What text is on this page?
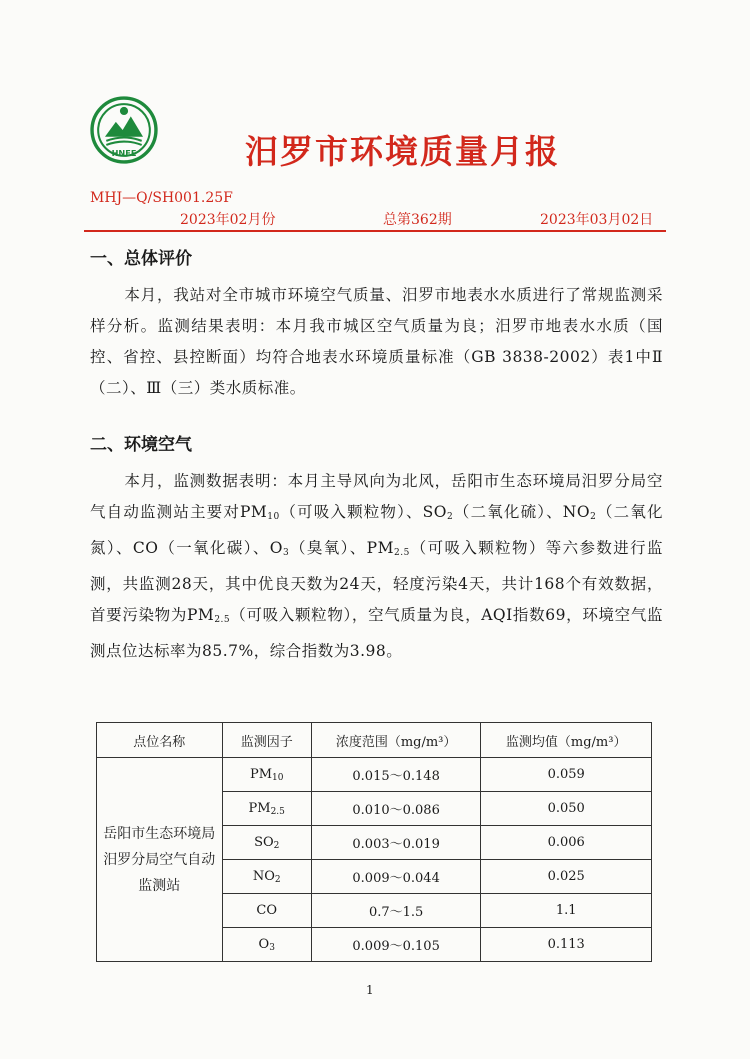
HNEE	汨罗市环境质量月报
MHJ—Q/SH001.25F
2023年02月份	总第362期	2023年03月02日
一、总体评价
本月，我站对全市城市环境空气质量、汨罗市地表水水质进行了常规监测采样分析。监测结果表明：本月我市城区空气质量为良；汨罗市地表水水质（国控、省控、县控断面）均符合地表水环境质量标准（GB 3838-2002）表1中Ⅱ（二）、Ⅲ（三）类水质标准。
二、环境空气
本月，监测数据表明：本月主导风向为北风，岳阳市生态环境局汨罗分局空气自动监测站主要对$PM_{10}$（可吸入颗粒物）、$SO_2$（二氧化硫）、$NO_2$（二氧化氮）、CO（一氧化碳）、$O_3$（臭氧）、$PM_{2.5}$（可吸入颗粒物）等六参数进行监测，共监测28天，其中优良天数为24天，轻度污染4天，共计168个有效数据，首要污染物为$PM_{2.5}$（可吸入颗粒物），空气质量为良，AQI指数69，环境空气监测点位达标率为85.7%，综合指数为3.98。
点位名称	监测因子	浓度范围（mg/m³）	监测均值（mg/m³）
岳阳市生态环境局汨罗分局空气自动监测站	$PM_{10}$	0.015～0.148	0.059
	$PM_{2.5}$	0.010～0.086	0.050
	$SO_2$	0.003～0.019	0.006
	$NO_2$	0.009～0.044	0.025
	CO	0.7～1.5	1.1
	$O_3$	0.009～0.105	0.113
1
